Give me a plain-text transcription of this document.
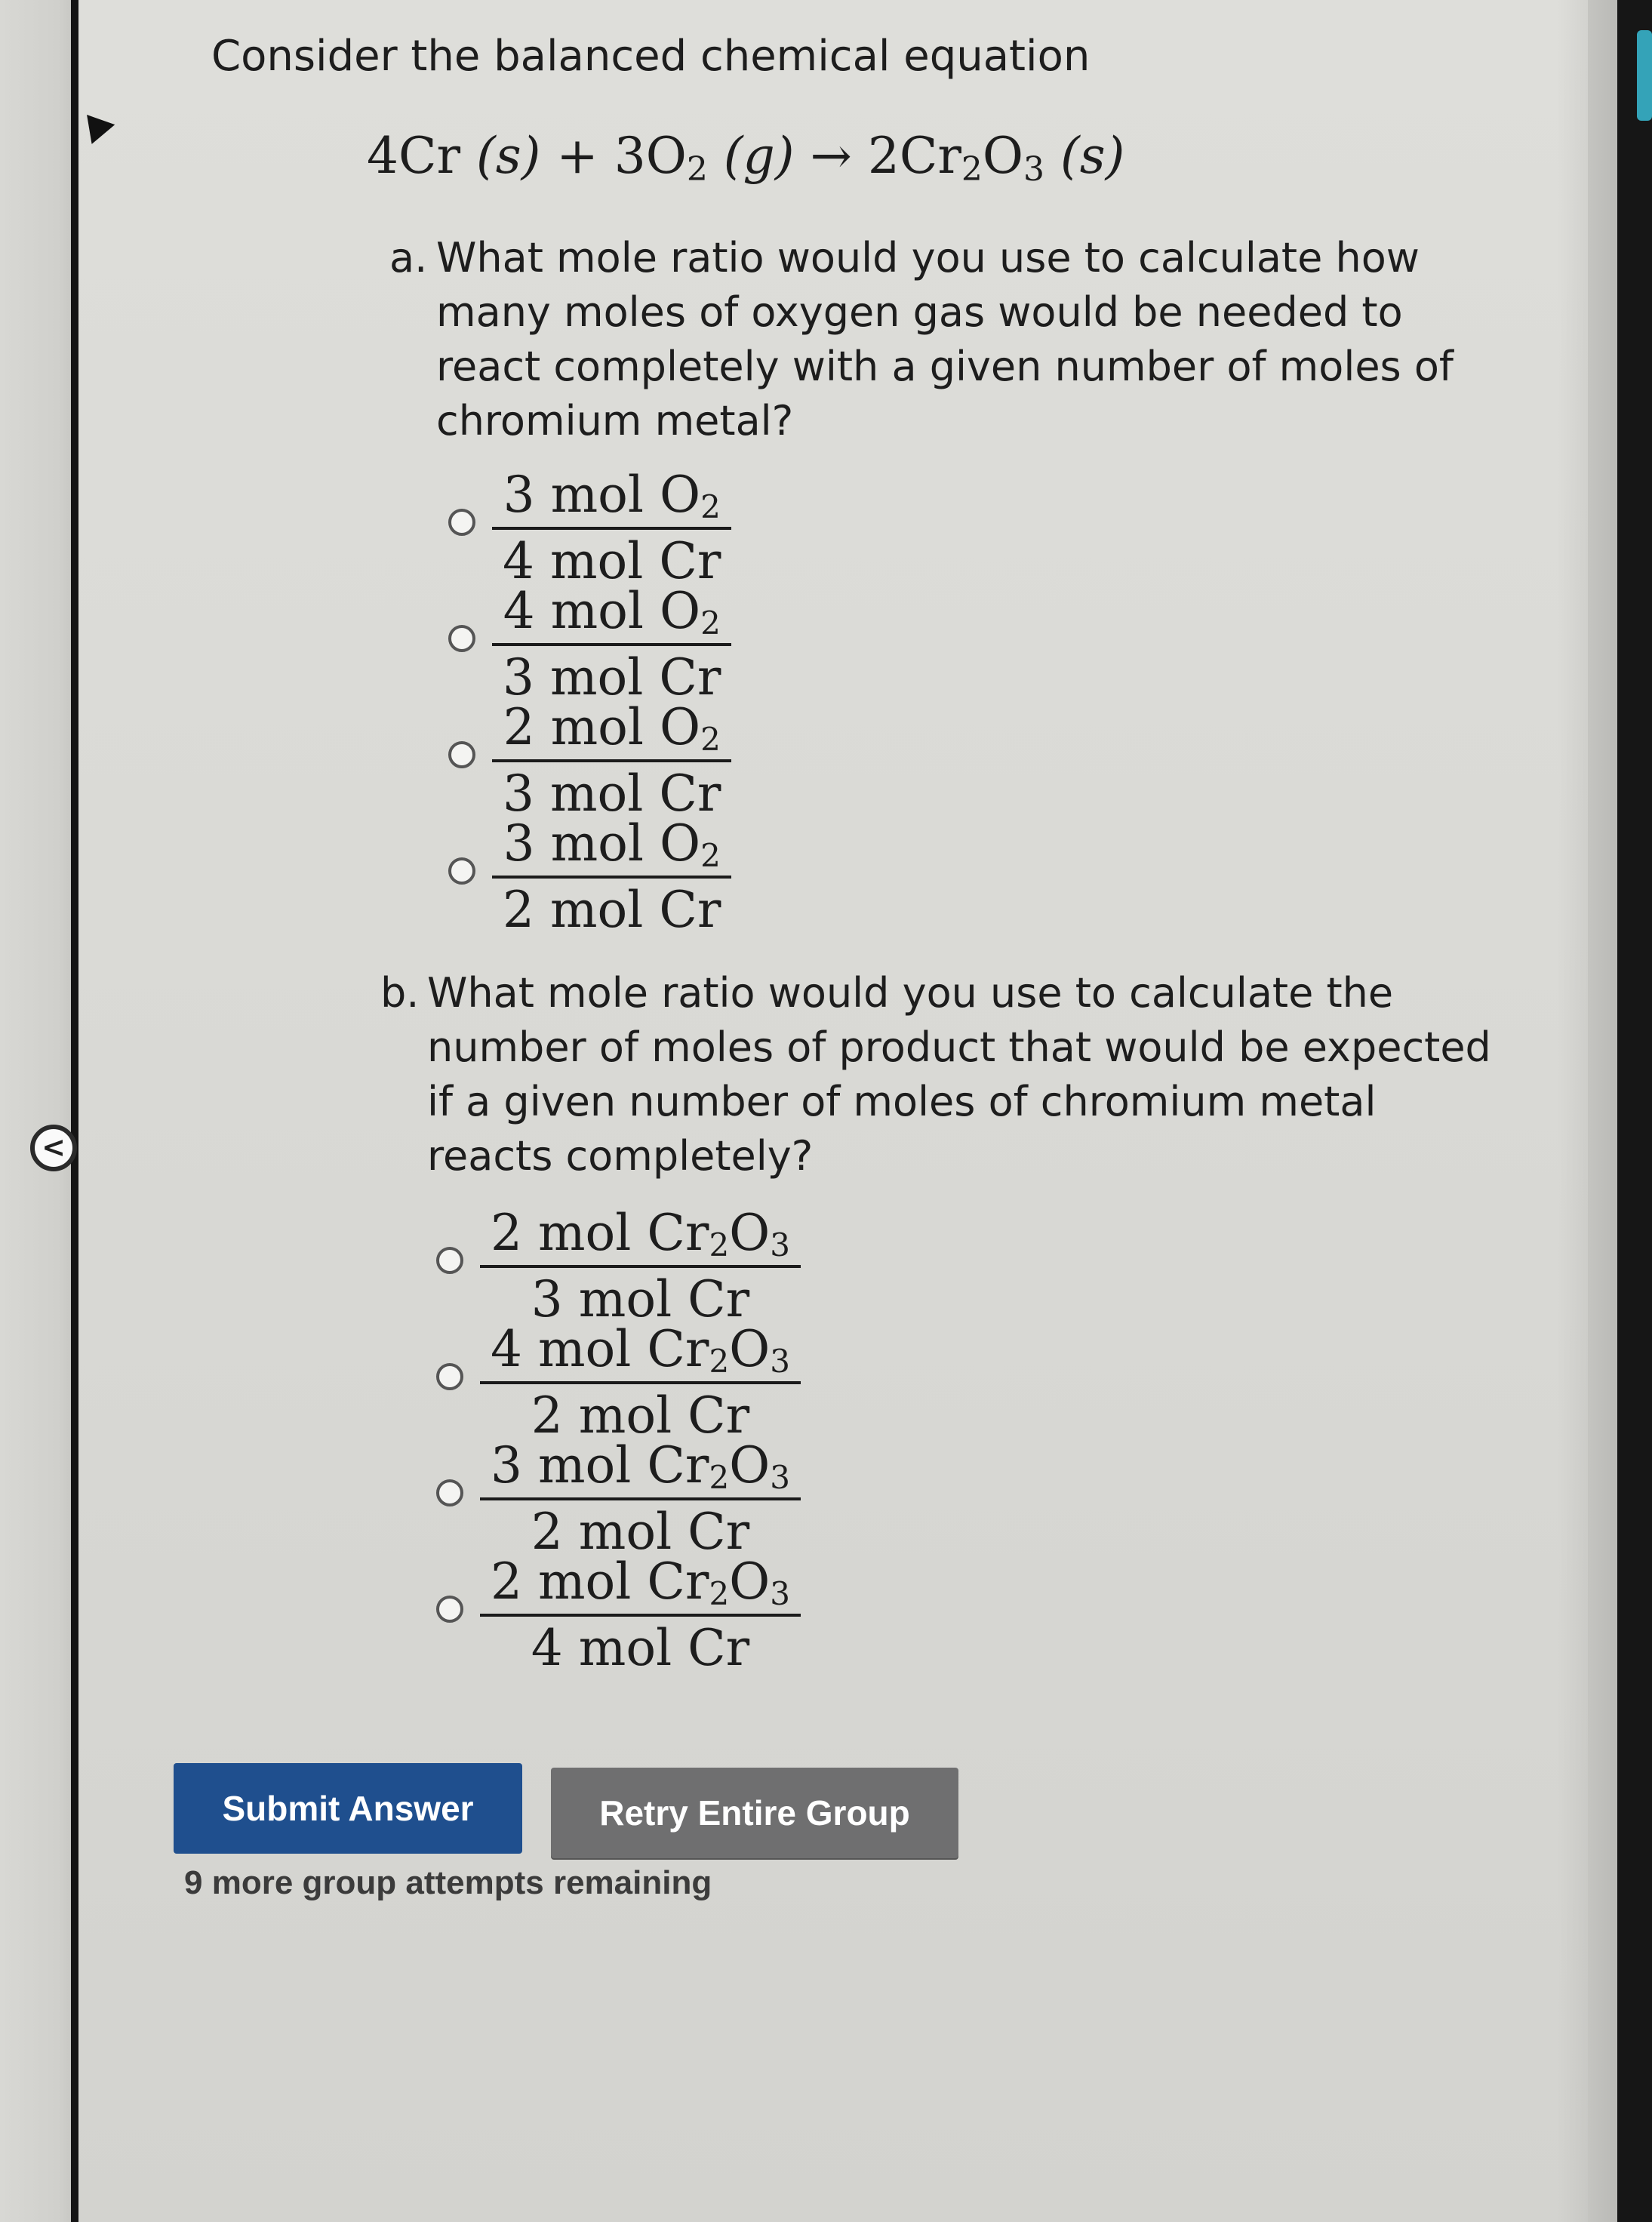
<

Consider the balanced chemical equation

4Cr $(s) + 3O_2$ $(g) \to 2Cr_2O_3$ (s)
a. What mole ratio would you use to calculate how many moles of oxygen gas would be needed to react completely with a given number of moles of chromium metal?
3 mol $O_2$
4 mol Cr
4 mol $O_2$
3 mol Cr
2 mol $O_2$
3 mol Cr
3 mol $O_2$
2 mol Cr
b. What mole ratio would you use to calculate the number of moles of product that would be expected if a given number of moles of chromium metal reacts completely?
2 mol $Cr_2O_3$
3 mol Cr
4 mol $Cr_2O_3$
2 mol Cr
3 mol $Cr_2O_3$
2 mol Cr
2 mol $Cr_2O_3$
4 mol Cr
Submit Answer	Retry Entire Group

9 more group attempts remaining
